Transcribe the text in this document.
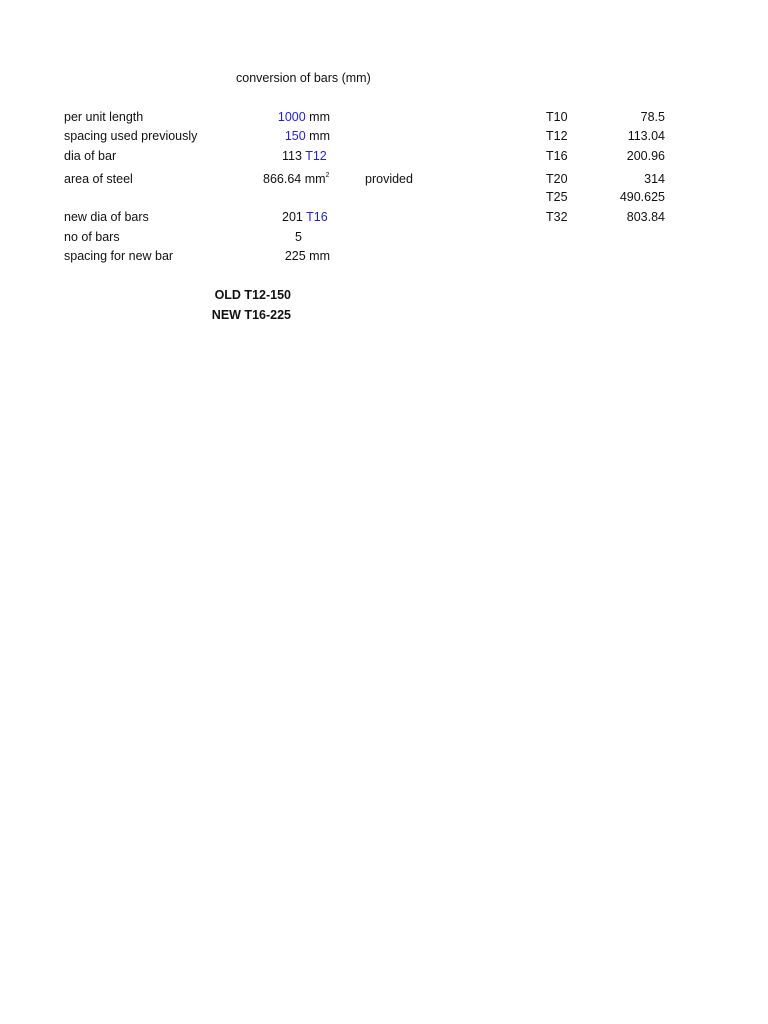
conversion of bars (mm)
per unit length	1000 mm
spacing used previously	150 mm
dia of bar	113 T12
area of steel	866.64 $mm^2$	provided
new dia of bars	201 T16
no of bars	5
spacing for new bar	225 mm
OLD T12-150
NEW T16-225
T10	78.5
T12	113.04
T16	200.96
T20	314
T25	490.625
T32	803.84
